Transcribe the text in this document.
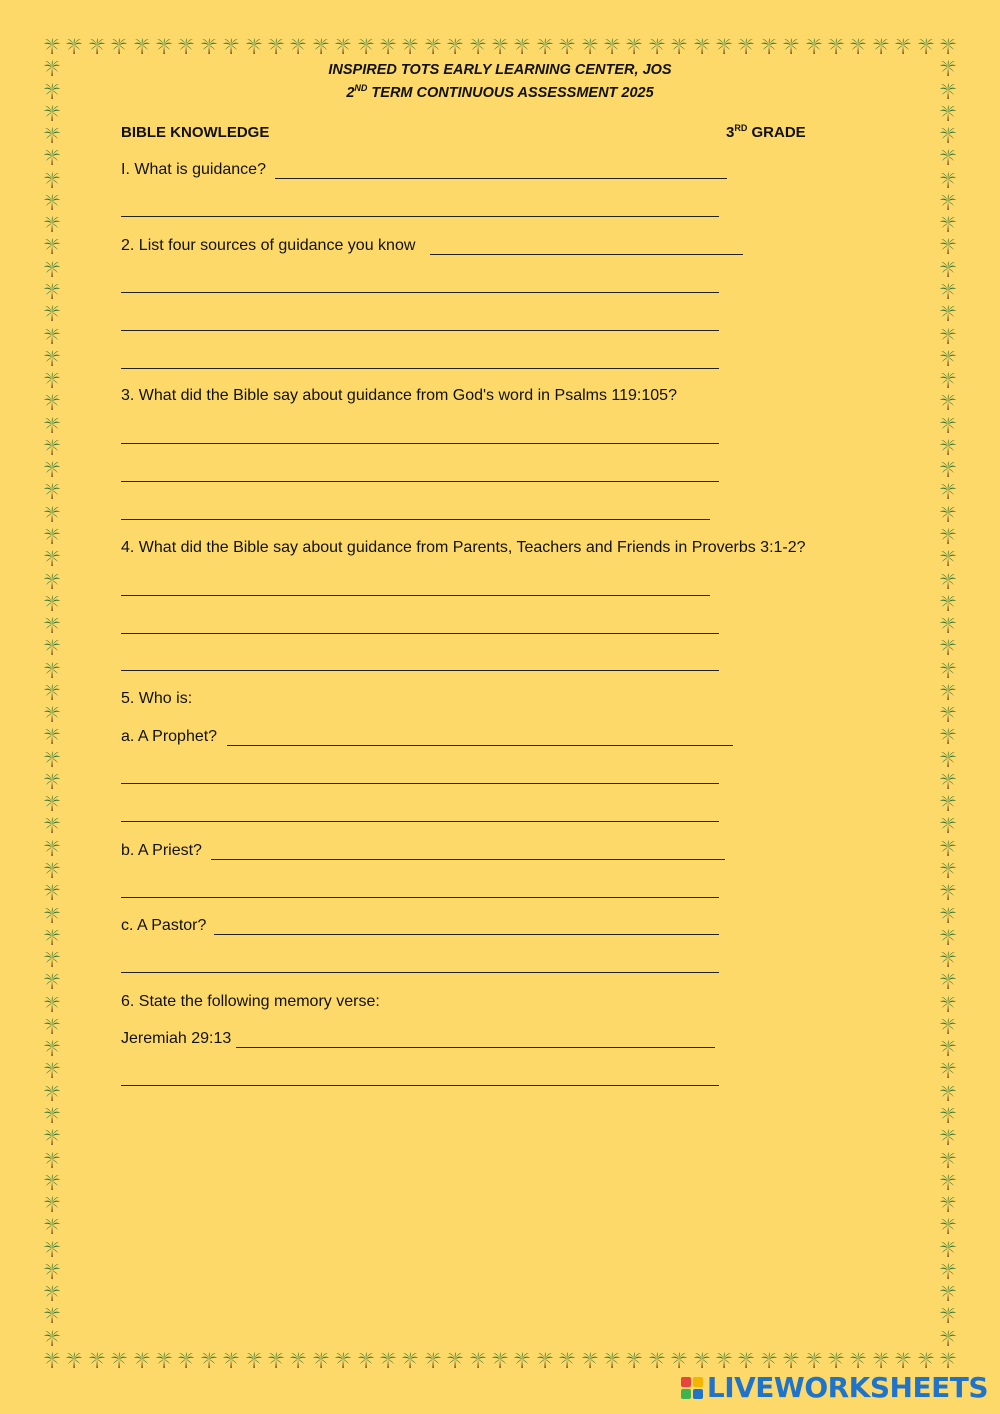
INSPIRED TOTS EARLY LEARNING CENTER, JOS
2ND TERM CONTINUOUS ASSESSMENT 2025
BIBLE KNOWLEDGE	3RD GRADE
I. What is guidance?
2. List four sources of guidance you know
3. What did the Bible say about guidance from God's word in Psalms 119:105?
4. What did the Bible say about guidance from Parents, Teachers and Friends in Proverbs 3:1-2?
5. Who is:
a. A Prophet?
b. A Priest?
c. A Pastor?
6. State the following memory verse:
Jeremiah 29:13
LIVEWORKSHEETS
